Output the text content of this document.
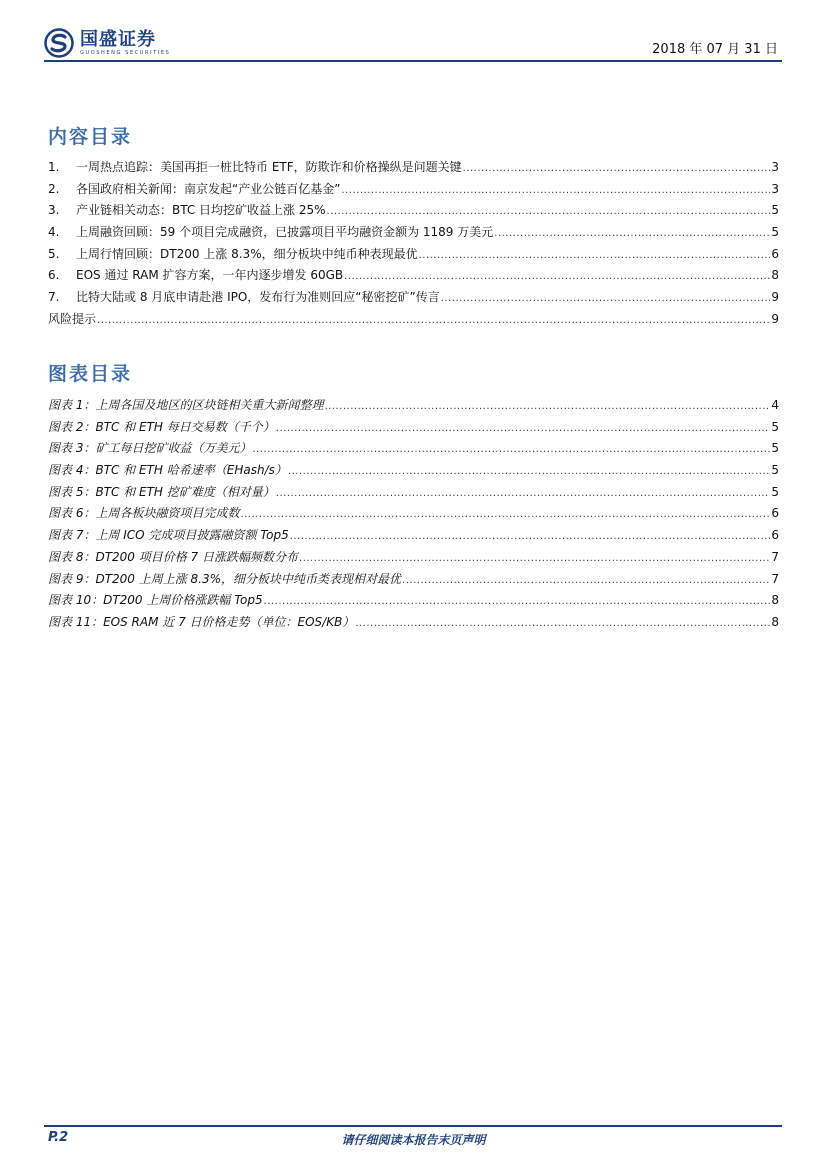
国盛证券
GUOSHENG SECURITIES	2018 年 07 月 31 日
内容目录
1.	一周热点追踪：美国再拒一桩比特币 ETF，防欺诈和价格操纵是问题关键 .....	3
2.	各国政府相关新闻：南京发起“产业公链百亿基金” .....	3
3.	产业链相关动态：BTC 日均挖矿收益上涨 25% .....	5
4.	上周融资回顾：59 个项目完成融资，已披露项目平均融资金额为 1189 万美元 .....	5
5.	上周行情回顾：DT200 上涨 8.3%，细分板块中纯币种表现最优 .....	6
6.	EOS 通过 RAM 扩容方案，一年内逐步增发 60GB .....	8
7.	比特大陆或 8 月底申请赴港 IPO，发布行为准则回应“秘密挖矿”传言 .....	9
风险提示 .....	9
图表目录
图表 1：上周各国及地区的区块链相关重大新闻整理 .....	4
图表 2：BTC 和 ETH 每日交易数（千个） .....	5
图表 3：矿工每日挖矿收益（万美元） .....	5
图表 4：BTC 和 ETH 哈希速率（EHash/s） .....	5
图表 5：BTC 和 ETH 挖矿难度（相对量） .....	5
图表 6：上周各板块融资项目完成数 .....	6
图表 7：上周 ICO 完成项目披露融资额 Top5 .....	6
图表 8：DT200 项目价格 7 日涨跌幅频数分布 .....	7
图表 9：DT200 上周上涨 8.3%，细分板块中纯币类表现相对最优 .....	7
图表 10：DT200 上周价格涨跌幅 Top5 .....	8
图表 11：EOS RAM 近 7 日价格走势（单位：EOS/KB） .....	8
P.2	请仔细阅读本报告末页声明
